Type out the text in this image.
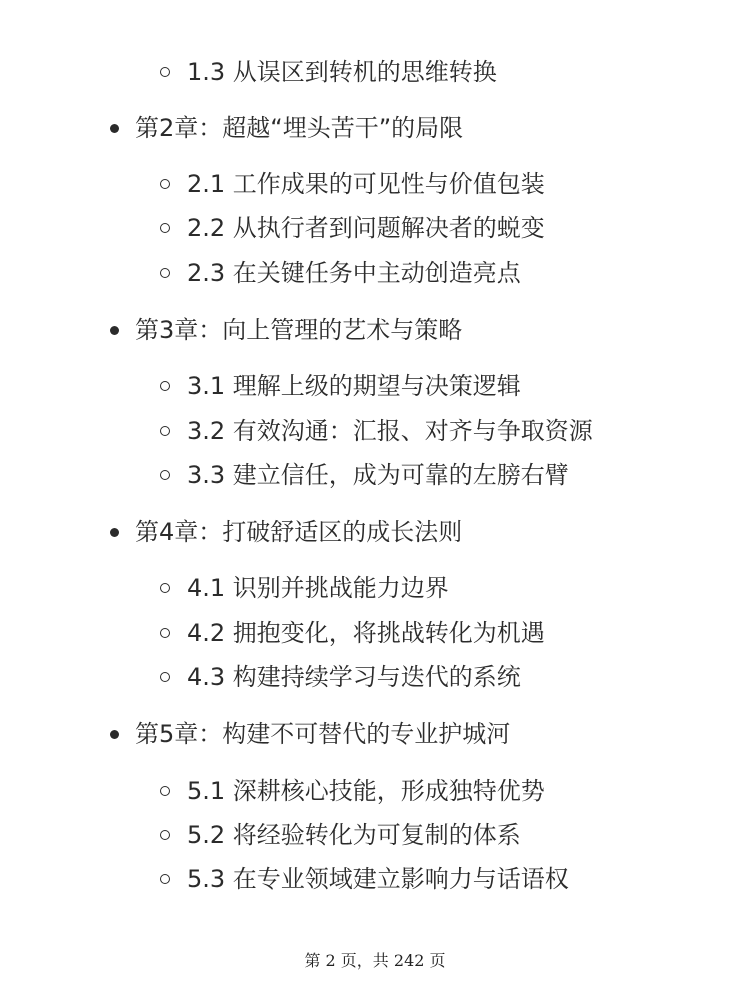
1.3 从误区到转机的思维转换
第2章：超越“埋头苦干”的局限
2.1 工作成果的可见性与价值包装
2.2 从执行者到问题解决者的蜕变
2.3 在关键任务中主动创造亮点
第3章：向上管理的艺术与策略
3.1 理解上级的期望与决策逻辑
3.2 有效沟通：汇报、对齐与争取资源
3.3 建立信任，成为可靠的左膀右臂
第4章：打破舒适区的成长法则
4.1 识别并挑战能力边界
4.2 拥抱变化，将挑战转化为机遇
4.3 构建持续学习与迭代的系统
第5章：构建不可替代的专业护城河
5.1 深耕核心技能，形成独特优势
5.2 将经验转化为可复制的体系
5.3 在专业领域建立影响力与话语权
第 2 页，共 242 页
